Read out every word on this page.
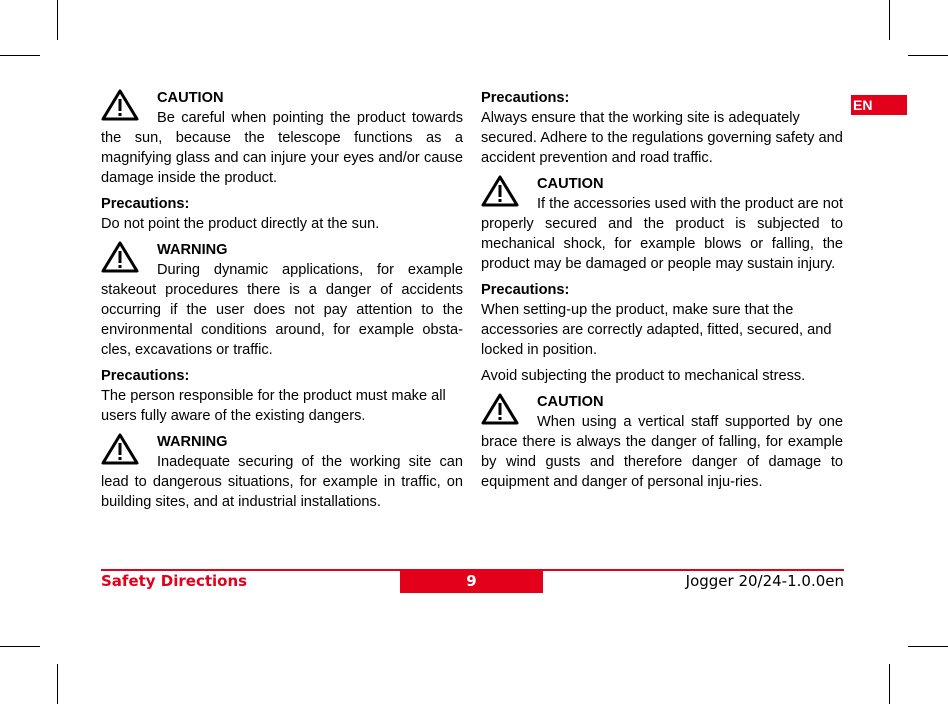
EN
CAUTION

Be careful when pointing the product towards the sun, because the telescope functions as a magnifying glass and can injure your eyes and/or cause damage inside the product.

Precautions:

Do not point the product directly at the sun.

WARNING

During dynamic applications, for example stakeout procedures there is a danger of accidents occurring if the user does not pay attention to the environmental conditions around, for example obsta-cles, excavations or traffic.

Precautions:

The person responsible for the product must make all users fully aware of the existing dangers.

WARNING

Inadequate securing of the working site can lead to dangerous situations, for example in traffic, on building sites, and at industrial installations.

Precautions:

Always ensure that the working site is adequately secured. Adhere to the regulations governing safety and accident prevention and road traffic.

CAUTION

If the accessories used with the product are not properly secured and the product is subjected to mechanical shock, for example blows or falling, the product may be damaged or people may sustain injury.

Precautions:

When setting-up the product, make sure that the accessories are correctly adapted, fitted, secured, and locked in position.

Avoid subjecting the product to mechanical stress.

CAUTION

When using a vertical staff supported by one brace there is always the danger of falling, for example by wind gusts and therefore danger of damage to equipment and danger of personal inju-ries.

Safety Directions	9	Jogger 20/24-1.0.0en
